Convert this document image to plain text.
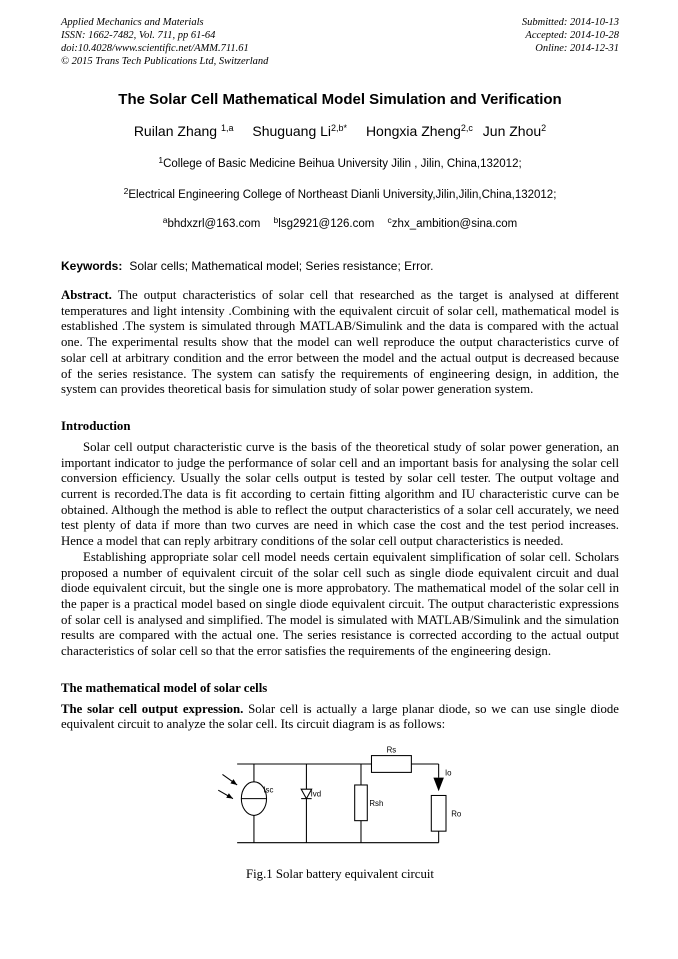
Applied Mechanics and Materials
ISSN: 1662-7482, Vol. 711, pp 61-64
doi:10.4028/www.scientific.net/AMM.711.61
© 2015 Trans Tech Publications Ltd, Switzerland
Submitted: 2014-10-13
Accepted: 2014-10-28
Online: 2014-12-31
The Solar Cell Mathematical Model Simulation and Verification
Ruilan Zhang $^{1,a}$ Shuguang $Li^{2,b*}$ Hongxia Zheng$^{2,c}$ Jun Zhou$^2$
$^1$College of Basic Medicine Beihua University Jilin , Jilin, China,132012;
$^2$Electrical Engineering College of Northeast Dianli University,Jilin,Jilin,China,132012;
$^a$bhdxzrl@163.com $^b$lsg2921@126.com $^c$zhx_ambition@sina.com
Keywords: Solar cells; Mathematical model; Series resistance; Error.

Abstract. The output characteristics of solar cell that researched as the target is analysed at different temperatures and light intensity .Combining with the equivalent circuit of solar cell, mathematical model is established .The system is simulated through MATLAB/Simulink and the data is compared with the actual one. The experimental results show that the model can well reproduce the output characteristics curve of solar cell at arbitrary condition and the error between the model and the actual output is decreased because of the series resistance. The system can satisfy the requirements of engineering design, in addition, the system can provides theoretical basis for simulation study of solar power generation system.

Introduction

Solar cell output characteristic curve is the basis of the theoretical study of solar power generation, an important indicator to judge the performance of solar cell and an important basis for analysing the solar cell conversion efficiency. Usually the solar cells output is tested by solar cell tester. The output voltage and current is recorded.The data is fit according to certain fitting algorithm and IU characteristic curve can be obtained. Although the method is able to reflect the output characteristics of a solar cell accurately, we need test plenty of data if more than two curves are need in which case the cost and the test period increases. Hence a model that can reply arbitrary conditions of the solar cell output characteristics is needed.

Establishing appropriate solar cell model needs certain equivalent simplification of solar cell. Scholars proposed a number of equivalent circuit of the solar cell such as single diode equivalent circuit and dual diode equivalent circuit, but the single one is more approbatory. The mathematical model of the solar cell in the paper is a practical model based on single diode equivalent circuit. The output characteristic expressions of solar cell is analysed and simplified. The model is simulated with MATLAB/Simulink and the simulation results are compared with the actual one. The series resistance is corrected according to the actual output characteristics of solar cell so that the error satisfies the requirements of the engineering design.

The mathematical model of solar cells

The solar cell output expression. Solar cell is actually a large planar diode, so we can use single diode equivalent circuit to analyze the solar cell. Its circuit diagram is as follows:

Isc	Ivd
Rsh
Rs
Io
Ro
Fig.1 Solar battery equivalent circuit
